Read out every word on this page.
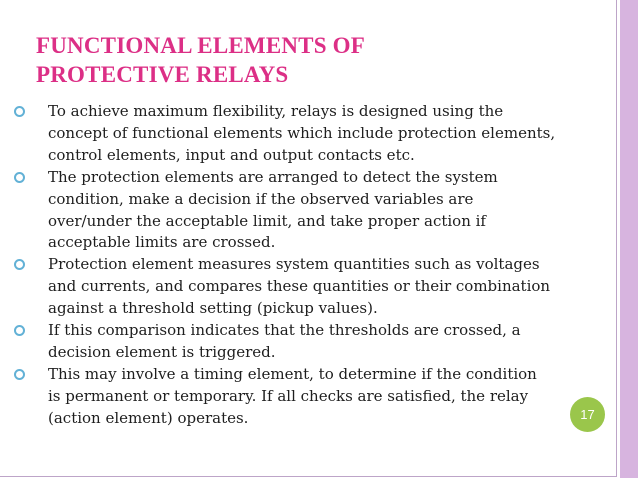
FUNCTIONAL ELEMENTS OF
PROTECTIVE RELAYS
To achieve maximum flexibility, relays is designed using the
concept of functional elements which include protection elements,
control elements, input and output contacts etc.
The protection elements are arranged to detect the system
condition, make a decision if the observed variables are
over/under the acceptable limit, and take proper action if
acceptable limits are crossed.
Protection element measures system quantities such as voltages
and currents, and compares these quantities or their combination
against a threshold setting (pickup values).
If this comparison indicates that the thresholds are crossed, a
decision element is triggered.
This may involve a timing element, to determine if the condition
is permanent or temporary. If all checks are satisfied, the relay
(action element) operates.	17
